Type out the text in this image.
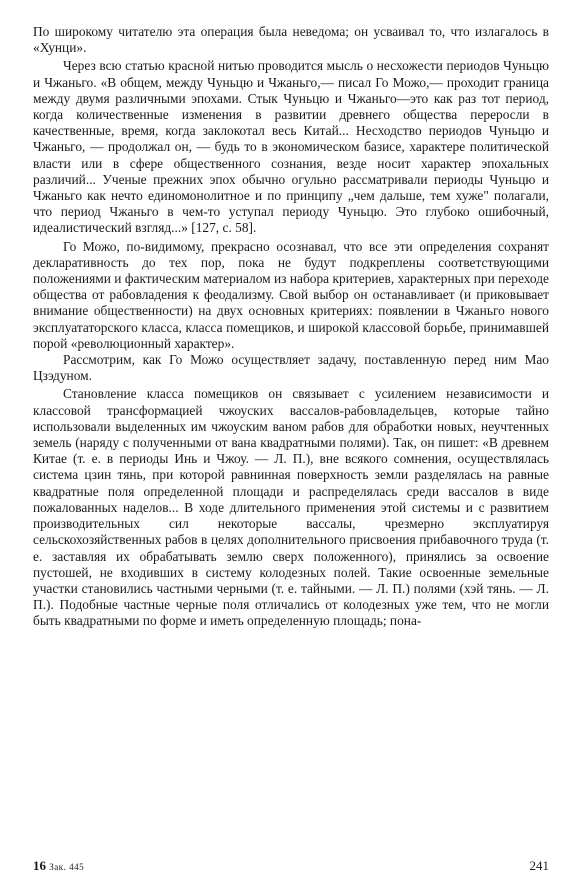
По широкому читателю эта операция была неведома; он усваивал то, что излагалось в «Хунци».

Через всю статью красной нитью проводится мысль о несхожести периодов Чуньцю и Чжаньго. «В общем, между Чуньцю и Чжаньго,— писал Го Можо,— проходит граница между двумя различными эпохами. Стык Чуньцю и Чжаньго—это как раз тот период, когда количественные изменения в развитии древнего общества переросли в качественные, время, когда заклокотал весь Китай... Несходство периодов Чуньцю и Чжаньго, — продолжал он, — будь то в экономическом базисе, характере политической власти или в сфере общественного сознания, везде носит характер эпохальных различий... Ученые прежних эпох обычно огульно рассматривали периоды Чуньцю и Чжаньго как нечто единомонолитное и по принципу „чем дальше, тем хуже" полагали, что период Чжаньго в чем-то уступал периоду Чуньцю. Это глубоко ошибочный, идеалистический взгляд...» [127, с. 58].

Го Можо, по-видимому, прекрасно осознавал, что все эти определения сохранят декларативность до тех пор, пока не будут подкреплены соответствующими положениями и фактическим материалом из набора критериев, характерных при переходе общества от рабовладения к феодализму. Свой выбор он останавливает (и приковывает внимание общественности) на двух основных критериях: появлении в Чжаньго нового эксплуататорского класса, класса помещиков, и широкой классовой борьбе, принимавшей порой «революционный характер».

Рассмотрим, как Го Можо осуществляет задачу, поставленную перед ним Мао Цзэдуном.

Становление класса помещиков он связывает с усилением независимости и классовой трансформацией чжоуских вассалов-рабовладельцев, которые тайно использовали выделенных им чжоуским ваном рабов для обработки новых, неучтенных земель (наряду с полученными от вана квадратными полями). Так, он пишет: «В древнем Китае (т. е. в периоды Инь и Чжоу. — Л. П.), вне всякого сомнения, осуществлялась система цзин тянь, при которой равнинная поверхность земли разделялась на равные квадратные поля определенной площади и распределялась среди вассалов в виде пожалованных наделов... В ходе длительного применения этой системы и с развитием производительных сил некоторые вассалы, чрезмерно эксплуатируя сельскохозяйственных рабов в целях дополнительного присвоения прибавочного труда (т. е. заставляя их обрабатывать землю сверх положенного), принялись за освоение пустошей, не входивших в систему колодезных полей. Такие освоенные земельные участки становились частными черными (т. е. тайными. — Л. П.) полями (хэй тянь. — Л. П.). Подобные частные черные поля отличались от колодезных уже тем, что не могли быть квадратными по форме и иметь определенную площадь; пона-

16 Зак. 445	241
